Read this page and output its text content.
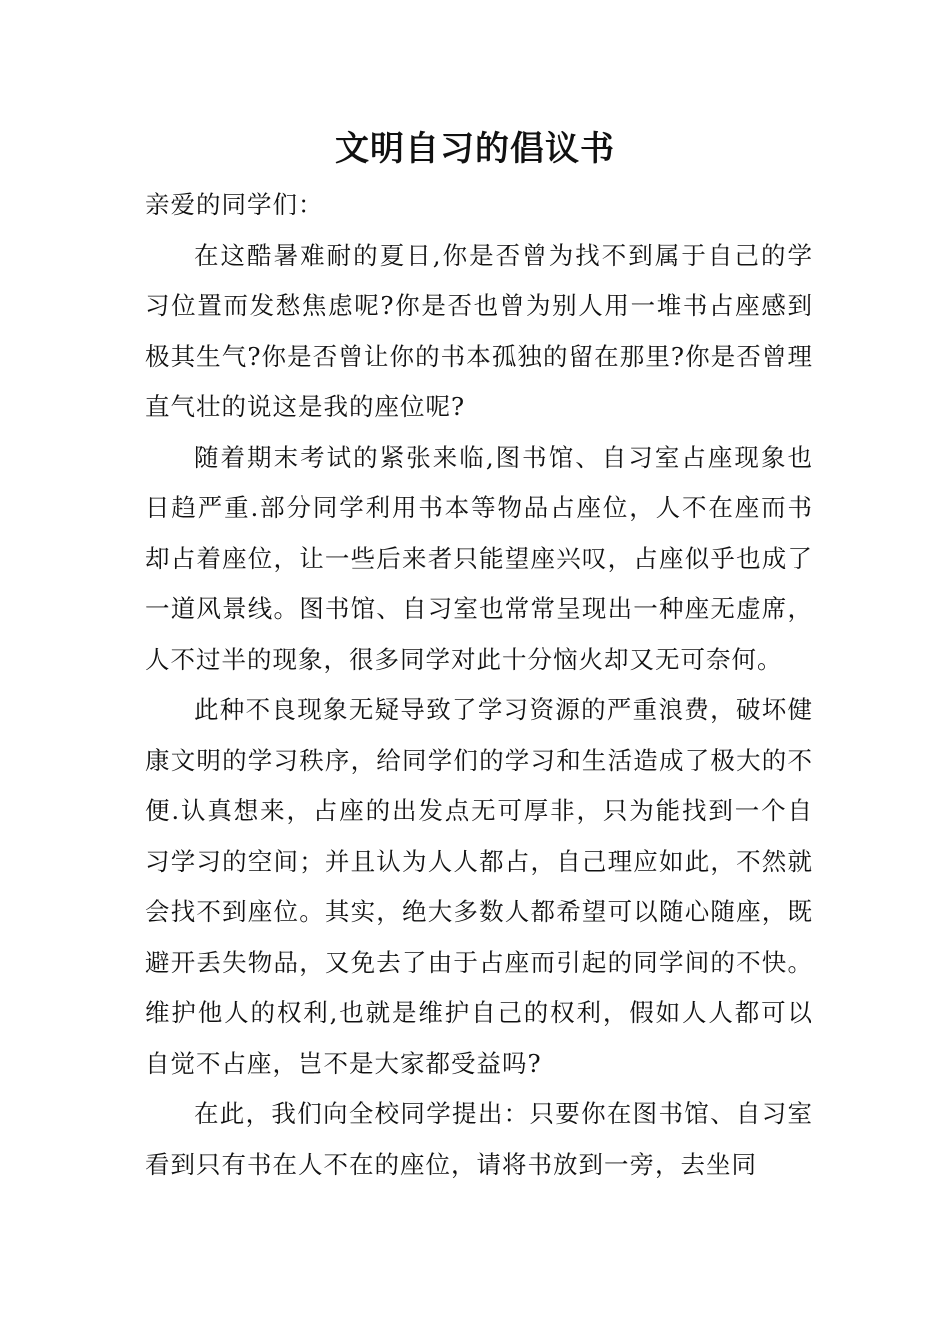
文明自习的倡议书

亲爱的同学们：

在这酷暑难耐的夏日,你是否曾为找不到属于自己的学习位置而发愁焦虑呢?你是否也曾为别人用一堆书占座感到极其生气?你是否曾让你的书本孤独的留在那里?你是否曾理直气壮的说这是我的座位呢?

随着期末考试的紧张来临,图书馆、自习室占座现象也日趋严重.部分同学利用书本等物品占座位，人不在座而书却占着座位，让一些后来者只能望座兴叹，占座似乎也成了一道风景线。图书馆、自习室也常常呈现出一种座无虚席，人不过半的现象，很多同学对此十分恼火却又无可奈何。

此种不良现象无疑导致了学习资源的严重浪费，破坏健康文明的学习秩序，给同学们的学习和生活造成了极大的不便.认真想来，占座的出发点无可厚非，只为能找到一个自习学习的空间；并且认为人人都占，自己理应如此，不然就会找不到座位。其实，绝大多数人都希望可以随心随座，既避开丢失物品，又免去了由于占座而引起的同学间的不快。维护他人的权利,也就是维护自己的权利，假如人人都可以自觉不占座，岂不是大家都受益吗?

在此，我们向全校同学提出：只要你在图书馆、自习室看到只有书在人不在的座位，请将书放到一旁，去坐同
